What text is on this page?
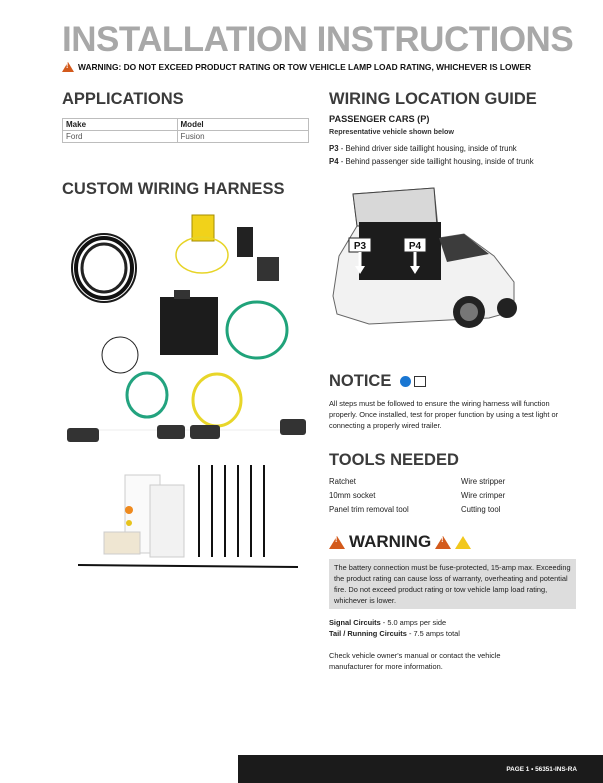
INSTALLATION INSTRUCTIONS
!
WARNING: DO NOT EXCEED PRODUCT RATING OR TOW VEHICLE LAMP LOAD RATING, WHICHEVER IS LOWER
APPLICATIONS
Make	Model
Ford	Fusion
CUSTOM WIRING HARNESS
WIRING LOCATION GUIDE
PASSENGER CARS (P)
Representative vehicle shown below
P3 - Behind driver side taillight housing, inside of trunk
P4 - Behind passenger side taillight housing, inside of trunk
P3	P4
NOTICE
All steps must be followed to ensure the wiring harness will function properly. Once installed, test for proper function by using a test light or connecting a properly wired trailer.
TOOLS NEEDED
Ratchet	Wire stripper
10mm socket	Wire crimper
Panel trim removal tool	Cutting tool
!
WARNING
!
The battery connection must be fuse-protected, 15-amp max. Exceeding the product rating can cause loss of warranty, overheating and potential fire. Do not exceed product rating or tow vehicle lamp load rating, whichever is lower.
Signal Circuits - 5.0 amps per side
Tail / Running Circuits - 7.5 amps total
Check vehicle owner's manual or contact the vehicle manufacturer for more information.
PAGE 1 • 56351-INS-RA
